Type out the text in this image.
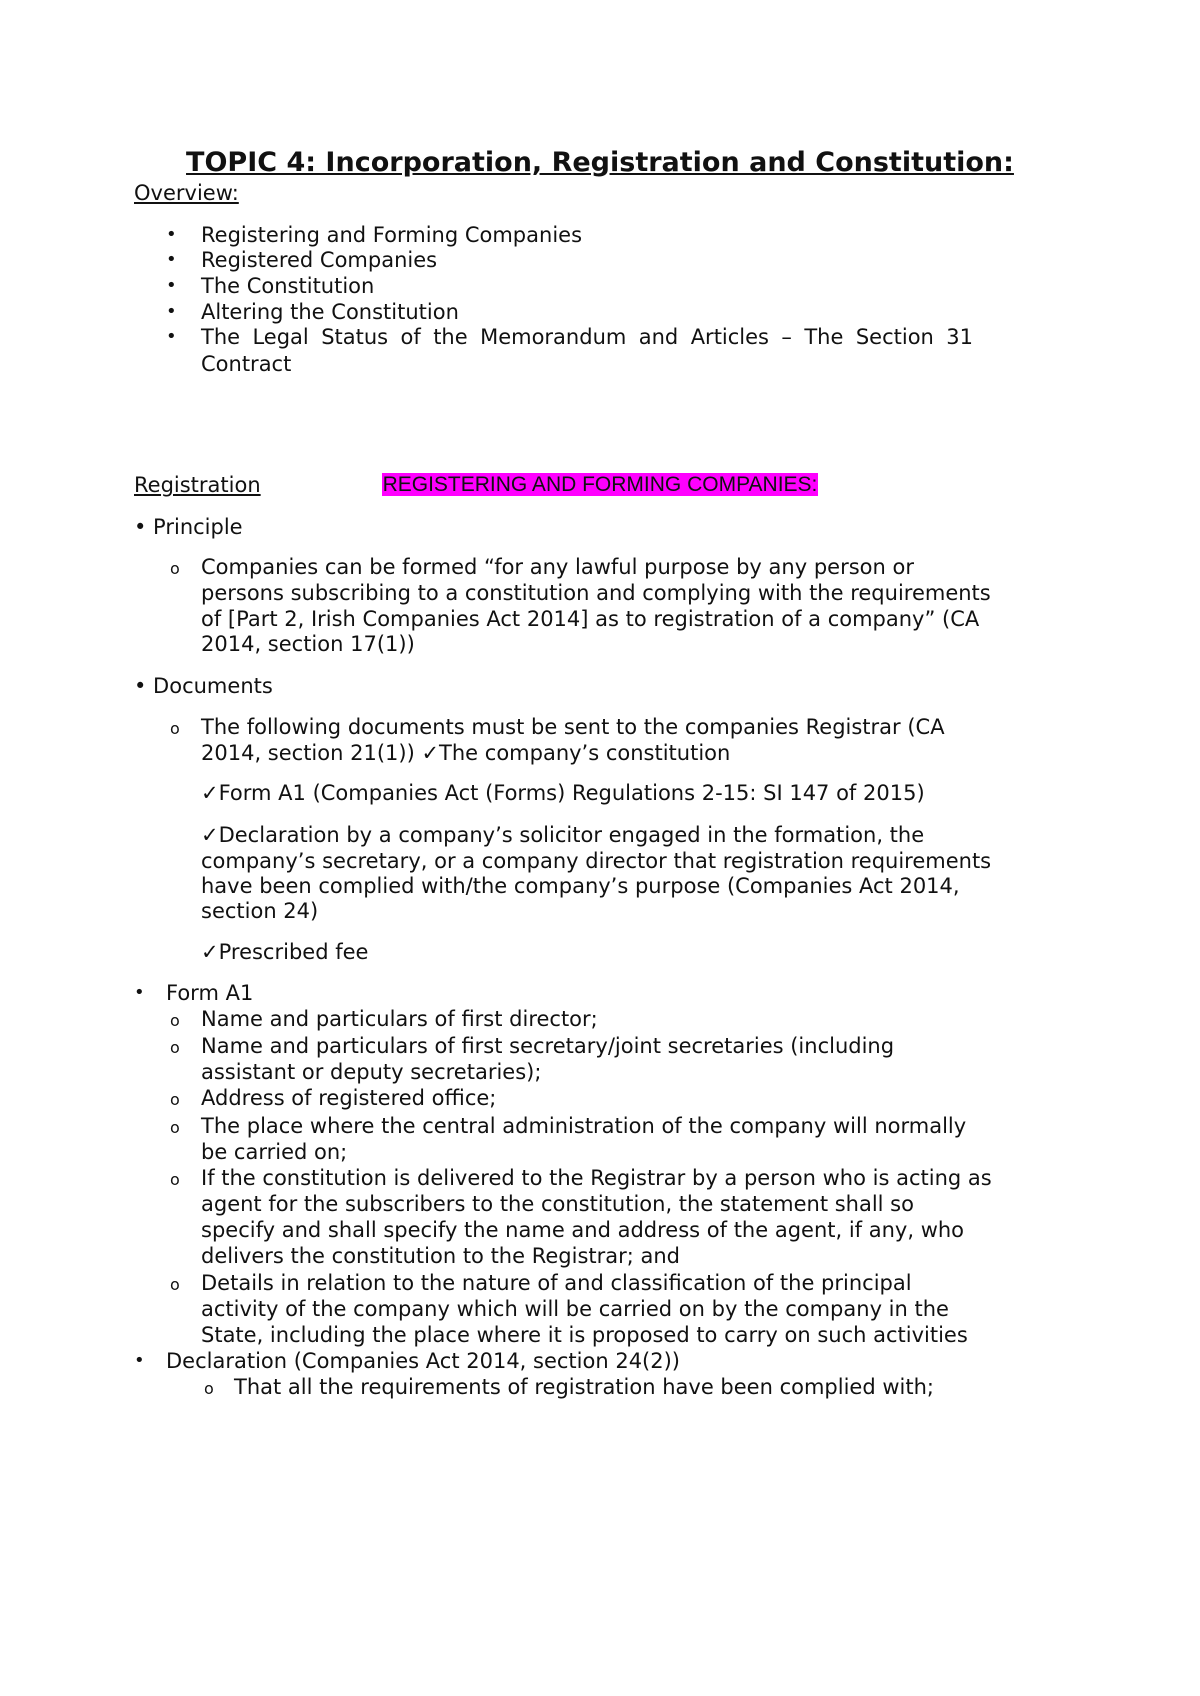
TOPIC 4: Incorporation, Registration and Constitution:
Overview:
• Registering and Forming Companies
• Registered Companies
• The Constitution
• Altering the Constitution
• The Legal Status of the Memorandum and Articles – The Section 31
Contract
REGISTERING AND FORMING COMPANIES:
Registration
• Principle
o Companies can be formed “for any lawful purpose by any person or
persons subscribing to a constitution and complying with the requirements
of [Part 2, Irish Companies Act 2014] as to registration of a company” (CA
2014, section 17(1))
• Documents
o The following documents must be sent to the companies Registrar (CA
2014, section 21(1)) ✓The company’s constitution
✓Form A1 (Companies Act (Forms) Regulations 2-15: SI 147 of 2015)
✓Declaration by a company’s solicitor engaged in the formation, the
company’s secretary, or a company director that registration requirements
have been complied with/the company’s purpose (Companies Act 2014,
section 24)
✓Prescribed fee
• Form A1
o Name and particulars of first director;
o Name and particulars of first secretary/joint secretaries (including
assistant or deputy secretaries);
o Address of registered office;
o The place where the central administration of the company will normally
be carried on;
o If the constitution is delivered to the Registrar by a person who is acting as
agent for the subscribers to the constitution, the statement shall so
specify and shall specify the name and address of the agent, if any, who
delivers the constitution to the Registrar; and
o Details in relation to the nature of and classification of the principal
activity of the company which will be carried on by the company in the
State, including the place where it is proposed to carry on such activities
• Declaration (Companies Act 2014, section 24(2))
o That all the requirements of registration have been complied with;
